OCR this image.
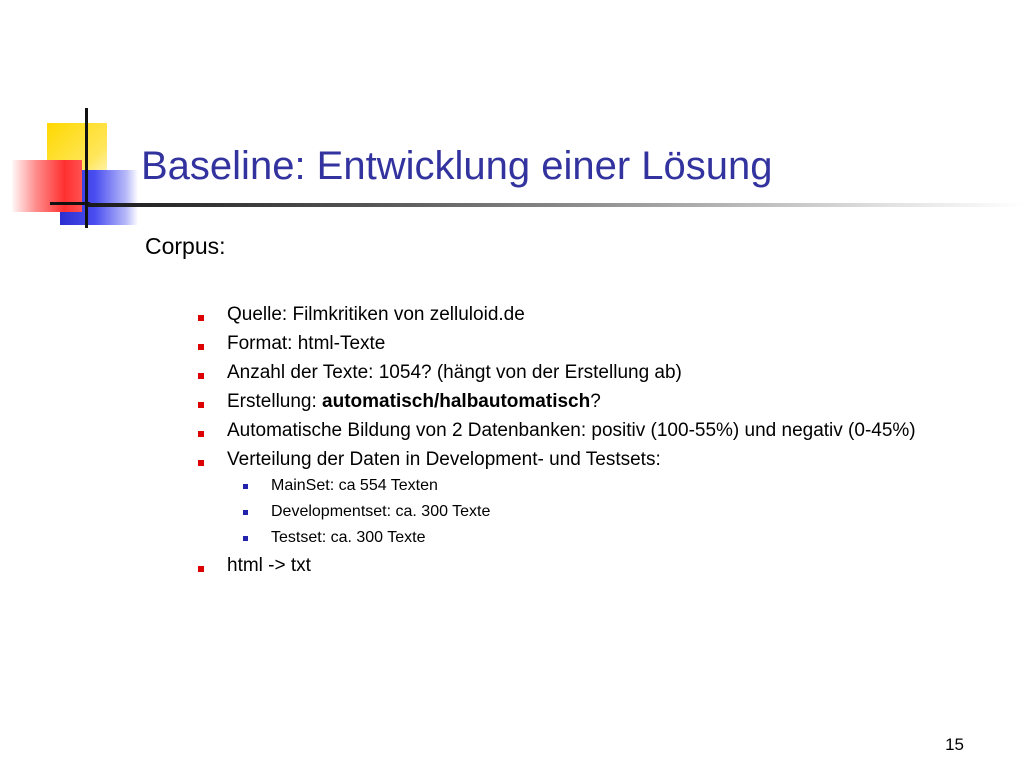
Baseline: Entwicklung einer Lösung
Corpus:
Quelle: Filmkritiken von zelluloid.de
Format: html-Texte
Anzahl der Texte: 1054? (hängt von der Erstellung ab)
Erstellung: automatisch/halbautomatisch?
Automatische Bildung von 2 Datenbanken: positiv (100-55%) und negativ (0-45%)
Verteilung der Daten in Development- und Testsets:
MainSet: ca 554 Texten
Developmentset: ca. 300 Texte
Testset: ca. 300 Texte
html -> txt
15
